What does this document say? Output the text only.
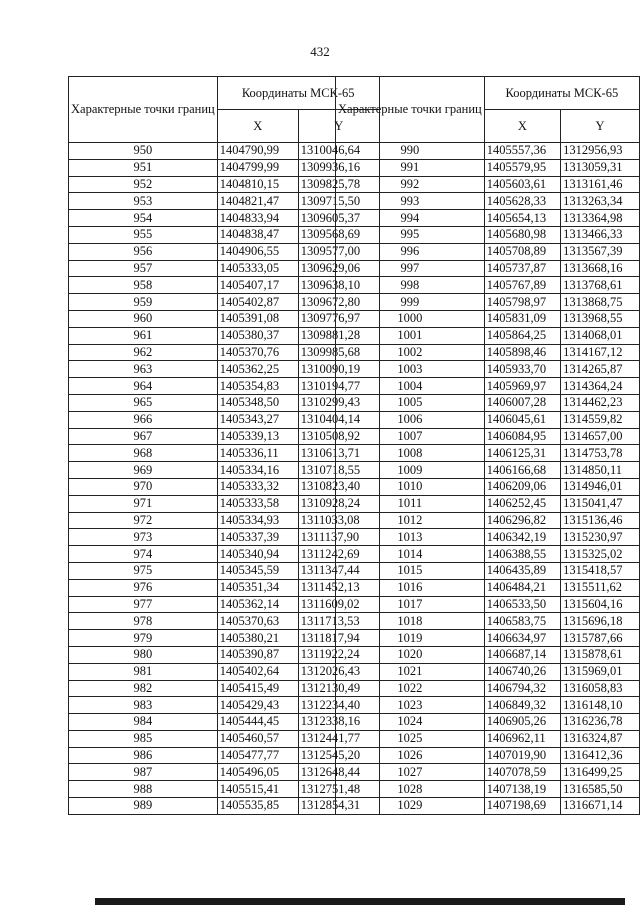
432
Характерные точки границ	Координаты МСК-65	
	X	Y
950	1404790,99	1310046,64
951	1404799,99	1309936,16
952	1404810,15	1309825,78
953	1404821,47	1309715,50
954	1404833,94	1309605,37
955	1404838,47	1309568,69
956	1404906,55	1309577,00
957	1405333,05	1309629,06
958	1405407,17	1309638,10
959	1405402,87	1309672,80
960	1405391,08	1309776,97
961	1405380,37	1309881,28
962	1405370,76	1309985,68
963	1405362,25	1310090,19
964	1405354,83	1310194,77
965	1405348,50	1310299,43
966	1405343,27	1310404,14
967	1405339,13	1310508,92
968	1405336,11	1310613,71
969	1405334,16	1310718,55
970	1405333,32	1310823,40
971	1405333,58	1310928,24
972	1405334,93	1311033,08
973	1405337,39	1311137,90
974	1405340,94	1311242,69
975	1405345,59	1311347,44
976	1405351,34	1311452,13
977	1405362,14	1311609,02
978	1405370,63	1311713,53
979	1405380,21	1311817,94
980	1405390,87	1311922,24
981	1405402,64	1312026,43
982	1405415,49	1312130,49
983	1405429,43	1312234,40
984	1405444,45	1312338,16
985	1405460,57	1312441,77
986	1405477,77	1312545,20
987	1405496,05	1312648,44
988	1405515,41	1312751,48
989	1405535,85	1312854,31
Характерные точки границ	Координаты МСК-65	
	X	Y
990	1405557,36	1312956,93
991	1405579,95	1313059,31
992	1405603,61	1313161,46
993	1405628,33	1313263,34
994	1405654,13	1313364,98
995	1405680,98	1313466,33
996	1405708,89	1313567,39
997	1405737,87	1313668,16
998	1405767,89	1313768,61
999	1405798,97	1313868,75
1000	1405831,09	1313968,55
1001	1405864,25	1314068,01
1002	1405898,46	1314167,12
1003	1405933,70	1314265,87
1004	1405969,97	1314364,24
1005	1406007,28	1314462,23
1006	1406045,61	1314559,82
1007	1406084,95	1314657,00
1008	1406125,31	1314753,78
1009	1406166,68	1314850,11
1010	1406209,06	1314946,01
1011	1406252,45	1315041,47
1012	1406296,82	1315136,46
1013	1406342,19	1315230,97
1014	1406388,55	1315325,02
1015	1406435,89	1315418,57
1016	1406484,21	1315511,62
1017	1406533,50	1315604,16
1018	1406583,75	1315696,18
1019	1406634,97	1315787,66
1020	1406687,14	1315878,61
1021	1406740,26	1315969,01
1022	1406794,32	1316058,83
1023	1406849,32	1316148,10
1024	1406905,26	1316236,78
1025	1406962,11	1316324,87
1026	1407019,90	1316412,36
1027	1407078,59	1316499,25
1028	1407138,19	1316585,50
1029	1407198,69	1316671,14
